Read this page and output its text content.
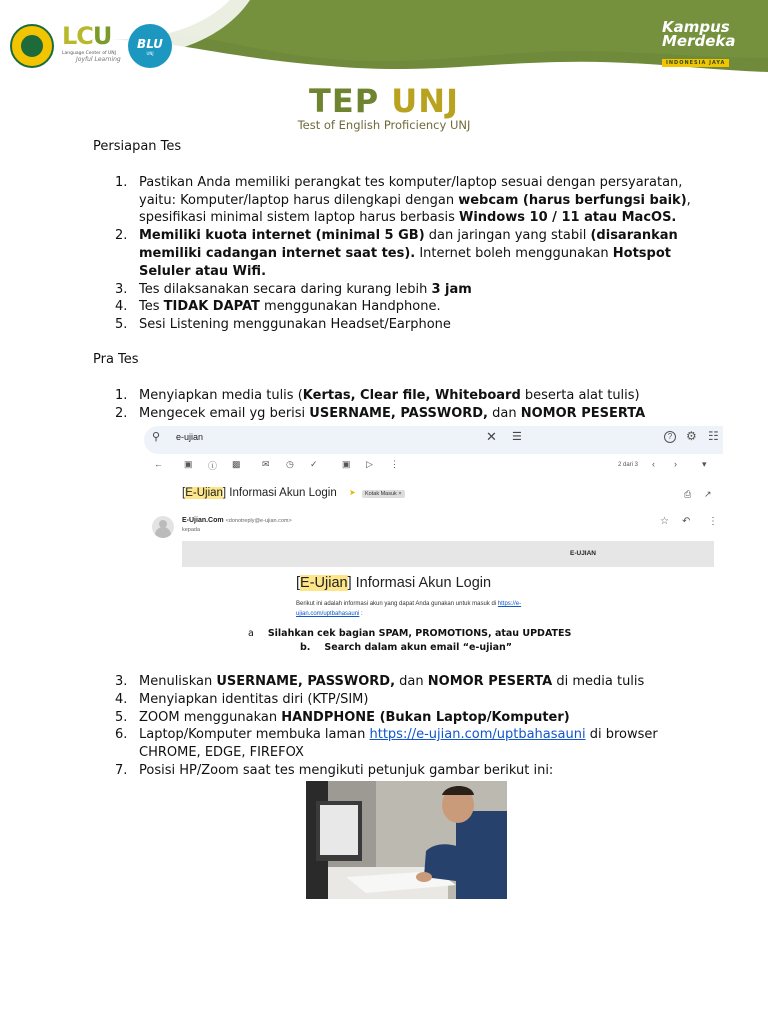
LCU
Language Center of UNJ
Joyful Learning
BLU
UNJ
Kampus
Merdeka
INDONESIA JAYA
TEP UNJ
Test of English Proficiency UNJ
Persiapan Tes
1. Pastikan Anda memiliki perangkat tes komputer/laptop sesuai dengan persyaratan, yaitu: Komputer/laptop harus dilengkapi dengan webcam (harus berfungsi baik), spesifikasi minimal sistem laptop harus berbasis Windows 10 / 11 atau MacOS.
2. Memiliki kuota internet (minimal 5 GB) dan jaringan yang stabil (disarankan memiliki cadangan internet saat tes). Internet boleh menggunakan Hotspot Seluler atau Wifi.
3. Tes dilaksanakan secara daring kurang lebih 3 jam
4. Tes TIDAK DAPAT menggunakan Handphone.
5. Sesi Listening menggunakan Headset/Earphone
Pra Tes
1. Menyiapkan media tulis (Kertas, Clear file, Whiteboard beserta alat tulis)
2. Mengecek email yg berisi USERNAME, PASSWORD, dan NOMOR PESERTA
⚲ e-ujian	✕ ☰	?	⚙ ☷
← ▣ ⓘ ▩ ✉ ◷ ✓	▣ ▷ ⋮	2 dari 3 ‹ ›	▾
[E-Ujian] Informasi Akun Login ➤	Kotak Masuk ×	⎙ ↗
E-Ujian.Com <donotreply@e-ujian.com>
kepada
☆ ↶ ⋮
E-UJIAN
[E-Ujian] Informasi Akun Login
Berikut ini adalah informasi akun yang dapat Anda gunakan untuk masuk di https://e-
ujian.com/uptbahasauni :
a Silahkan cek bagian SPAM, PROMOTIONS, atau UPDATES
b. Search dalam akun email “e-ujian”
3. Menuliskan USERNAME, PASSWORD, dan NOMOR PESERTA di media tulis
4. Menyiapkan identitas diri (KTP/SIM)
5. ZOOM menggunakan HANDPHONE (Bukan Laptop/Komputer)
6. Laptop/Komputer membuka laman https://e-ujian.com/uptbahasauni di browser CHROME, EDGE, FIREFOX
7. Posisi HP/Zoom saat tes mengikuti petunjuk gambar berikut ini:
